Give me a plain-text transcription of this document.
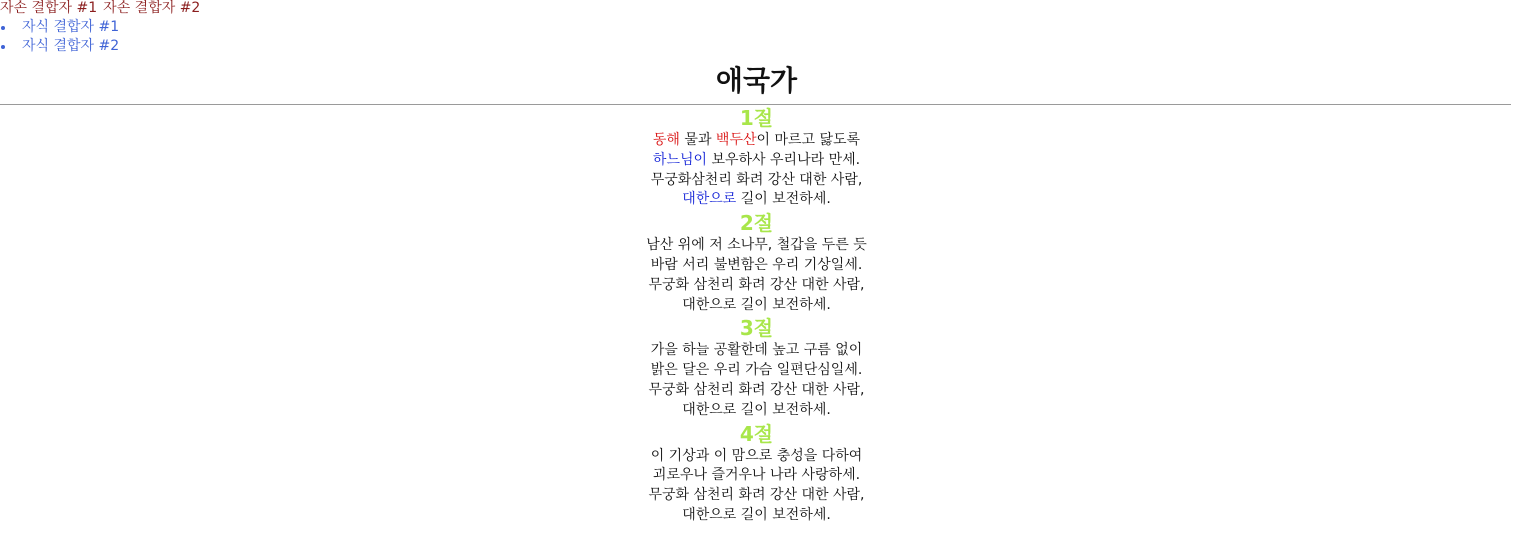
자손 결합자 #1 자손 결합자 #2
자식 결합자 #1
자식 결합자 #2
애국가
1절
동해 물과 백두산이 마르고 닳도록
하느님이 보우하사 우리나라 만세.
무궁화삼천리 화려 강산 대한 사람,
대한으로 길이 보전하세.
2절
남산 위에 저 소나무, 철갑을 두른 듯
바람 서리 불변함은 우리 기상일세.
무궁화 삼천리 화려 강산 대한 사람,
대한으로 길이 보전하세.
3절
가을 하늘 공활한데 높고 구름 없이
밝은 달은 우리 가슴 일편단심일세.
무궁화 삼천리 화려 강산 대한 사람,
대한으로 길이 보전하세.
4절
이 기상과 이 맘으로 충성을 다하여
괴로우나 즐거우나 나라 사랑하세.
무궁화 삼천리 화려 강산 대한 사람,
대한으로 길이 보전하세.
